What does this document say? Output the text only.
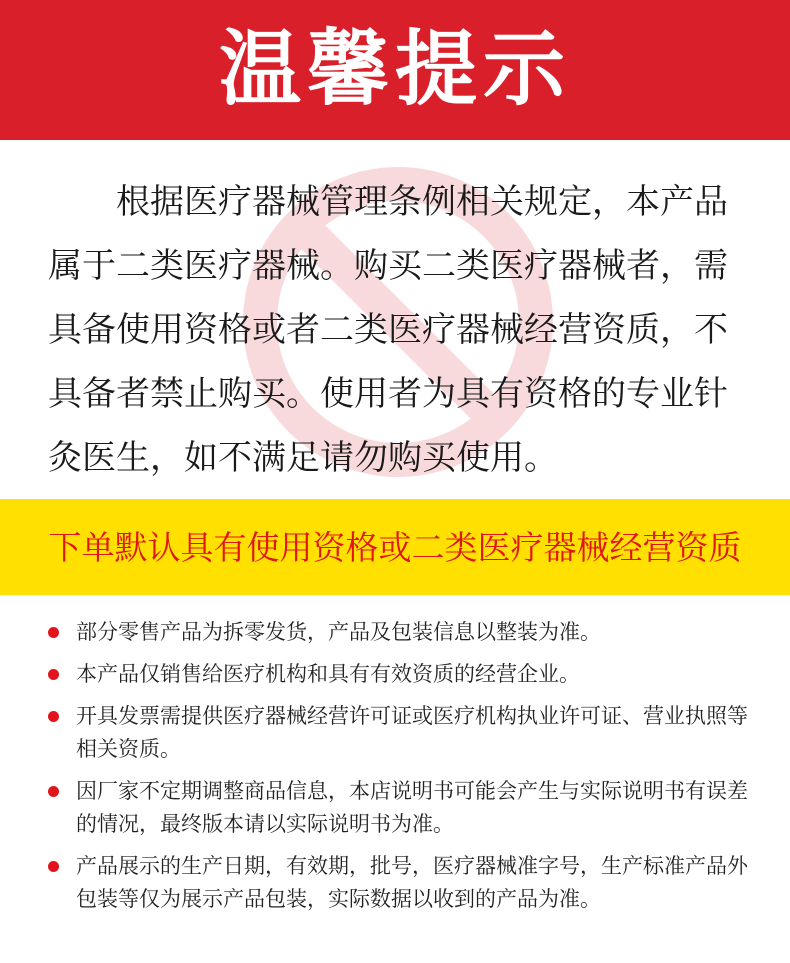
温馨提示

根据医疗器械管理条例相关规定，本产品属于二类医疗器械。购买二类医疗器械者，需具备使用资格或者二类医疗器械经营资质，不具备者禁止购买。使用者为具有资格的专业针灸医生，如不满足请勿购买使用。

下单默认具有使用资格或二类医疗器械经营资质
部分零售产品为拆零发货，产品及包装信息以整装为准。
本产品仅销售给医疗机构和具有有效资质的经营企业。
开具发票需提供医疗器械经营许可证或医疗机构执业许可证、营业执照等相关资质。
因厂家不定期调整商品信息，本店说明书可能会产生与实际说明书有误差的情况，最终版本请以实际说明书为准。
产品展示的生产日期，有效期，批号，医疗器械准字号，生产标准产品外包装等仅为展示产品包装，实际数据以收到的产品为准。
